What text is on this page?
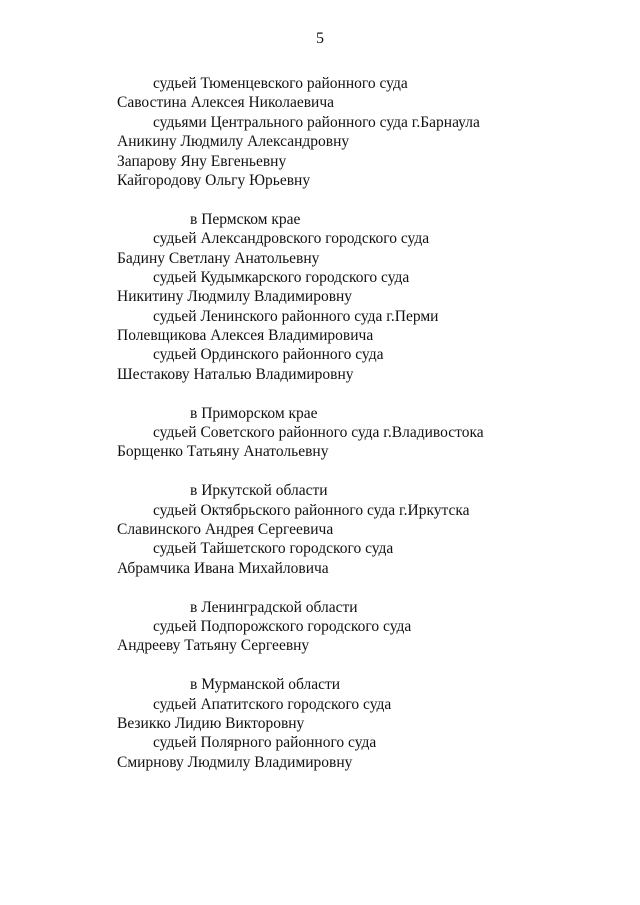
5
судьей Тюменцевского районного суда
Савостина Алексея Николаевича
судьями Центрального районного суда г.Барнаула
Аникину Людмилу Александровну
Запарову Яну Евгеньевну
Кайгородову Ольгу Юрьевну
в Пермском крае
судьей Александровского городского суда
Бадину Светлану Анатольевну
судьей Кудымкарского городского суда
Никитину Людмилу Владимировну
судьей Ленинского районного суда г.Перми
Полевщикова Алексея Владимировича
судьей Ординского районного суда
Шестакову Наталью Владимировну
в Приморском крае
судьей Советского районного суда г.Владивостока
Борщенко Татьяну Анатольевну
в Иркутской области
судьей Октябрьского районного суда г.Иркутска
Славинского Андрея Сергеевича
судьей Тайшетского городского суда
Абрамчика Ивана Михайловича
в Ленинградской области
судьей Подпорожского городского суда
Андрееву Татьяну Сергеевну
в Мурманской области
судьей Апатитского городского суда
Везикко Лидию Викторовну
судьей Полярного районного суда
Смирнову Людмилу Владимировну
